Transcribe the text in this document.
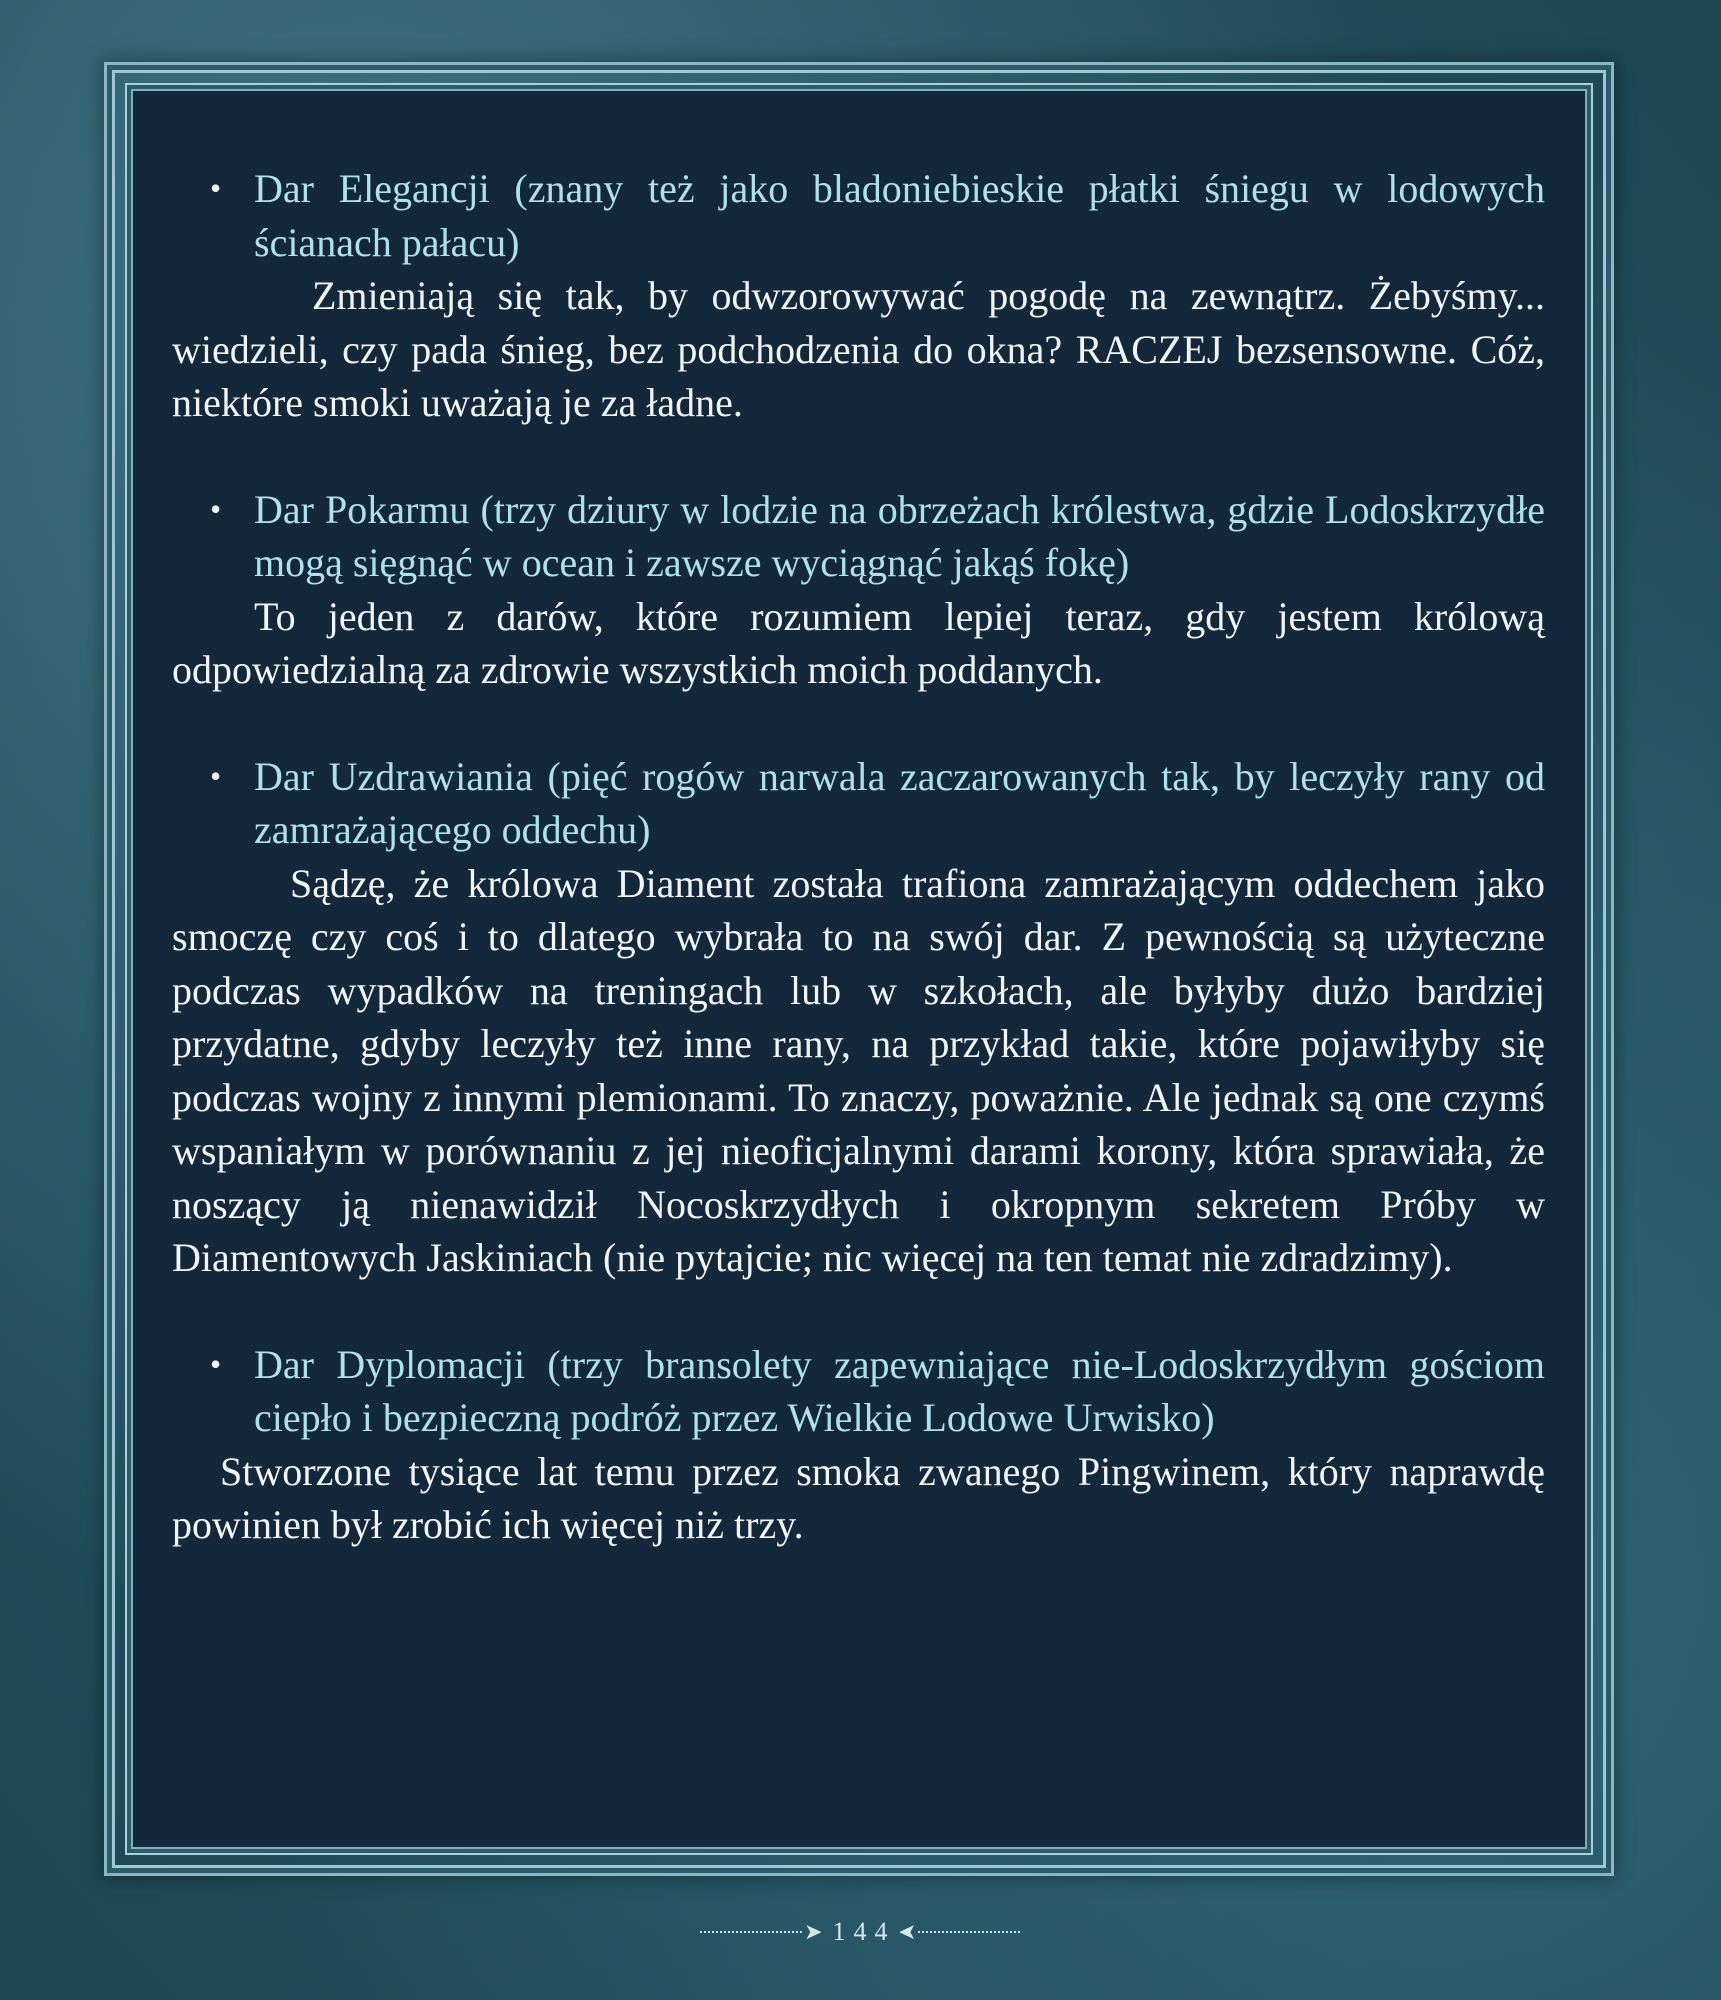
• Dar Elegancji (znany też jako bladoniebieskie płatki śniegu w lodowych ścianach pałacu)

Zmieniają się tak, by odwzorowywać pogodę na zewnątrz. Żebyśmy... wiedzieli, czy pada śnieg, bez podchodzenia do okna? RACZEJ bezsensowne. Cóż, niektóre smoki uważają je za ładne.

• Dar Pokarmu (trzy dziury w lodzie na obrzeżach królestwa, gdzie Lodoskrzydłe mogą sięgnąć w ocean i zawsze wyciągnąć jakąś fokę)

To jeden z darów, które rozumiem lepiej teraz, gdy jestem królową odpowiedzialną za zdrowie wszystkich moich poddanych.

• Dar Uzdrawiania (pięć rogów narwala zaczarowanych tak, by leczyły rany od zamrażającego oddechu)

Sądzę, że królowa Diament została trafiona zamrażającym oddechem jako smoczę czy coś i to dlatego wybrała to na swój dar. Z pewnością są użyteczne podczas wypadków na treningach lub w szkołach, ale byłyby dużo bardziej przydatne, gdyby leczyły też inne rany, na przykład takie, które pojawiłyby się podczas wojny z innymi plemionami. To znaczy, poważnie. Ale jednak są one czymś wspaniałym w porównaniu z jej nieoficjalnymi darami korony, która sprawiała, że noszący ją nienawidził Nocoskrzydłych i okropnym sekretem Próby w Diamentowych Jaskiniach (nie pytajcie; nic więcej na ten temat nie zdradzimy).

• Dar Dyplomacji (trzy bransolety zapewniające nie-Lodoskrzydłym gościom ciepło i bezpieczną podróż przez Wielkie Lodowe Urwisko)

Stworzone tysiące lat temu przez smoka zwanego Pingwinem, który naprawdę powinien był zrobić ich więcej niż trzy.

➤ 144 ➤
